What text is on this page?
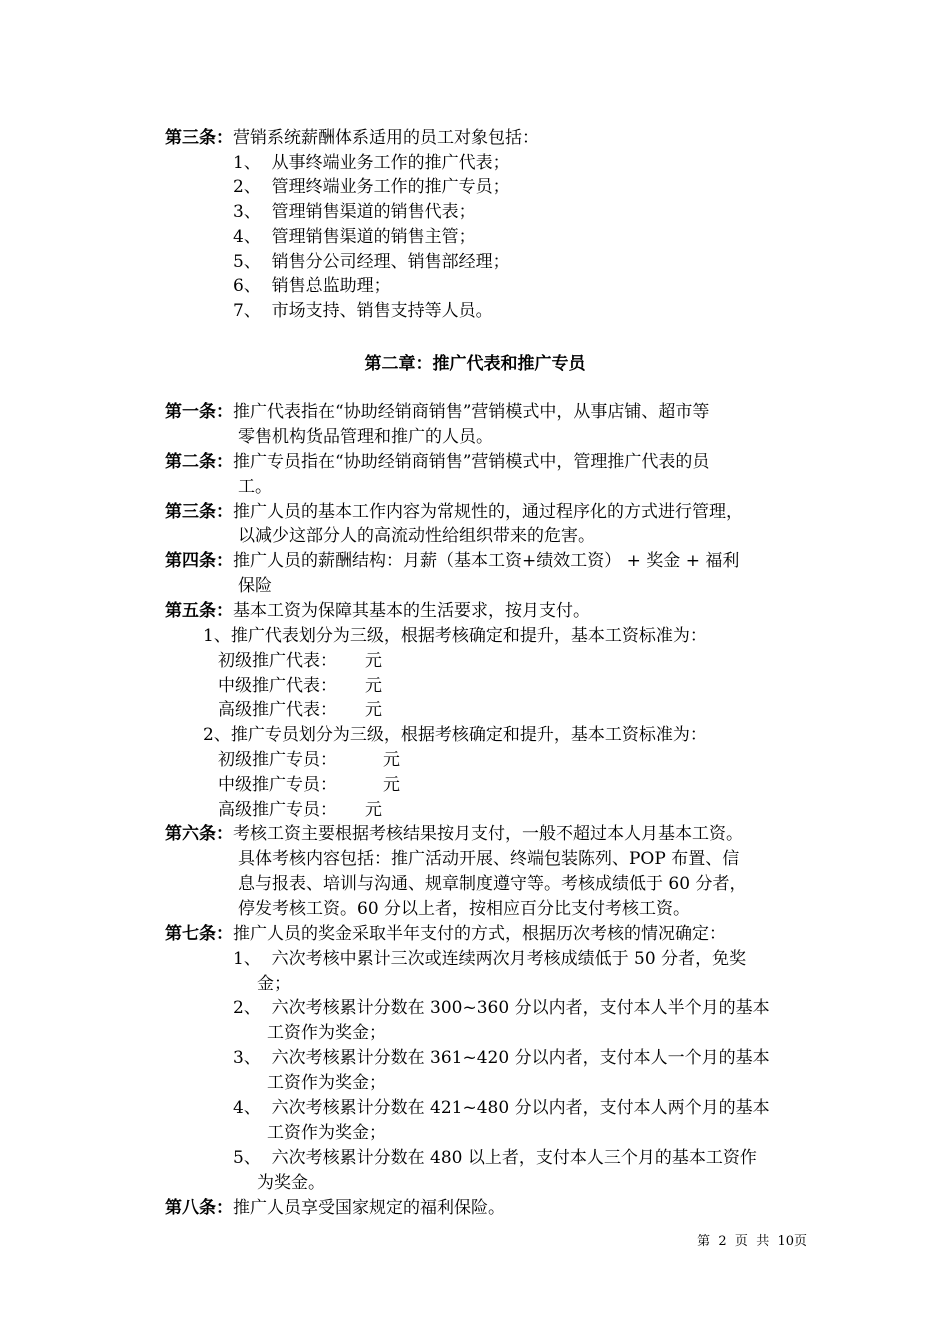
第三条：营销系统薪酬体系适用的员工对象包括：
1、 从事终端业务工作的推广代表；
2、 管理终端业务工作的推广专员；
3、 管理销售渠道的销售代表；
4、 管理销售渠道的销售主管；
5、 销售分公司经理、销售部经理；
6、 销售总监助理；
7、 市场支持、销售支持等人员。
第二章：推广代表和推广专员
第一条：推广代表指在“协助经销商销售”营销模式中，从事店铺、超市等
零售机构货品管理和推广的人员。
第二条：推广专员指在“协助经销商销售”营销模式中，管理推广代表的员
工。
第三条：推广人员的基本工作内容为常规性的，通过程序化的方式进行管理，
以减少这部分人的高流动性给组织带来的危害。
第四条：推广人员的薪酬结构：月薪（基本工资+绩效工资） + 奖金 + 福利
保险
第五条：基本工资为保障其基本的生活要求，按月支付。
1、推广代表划分为三级，根据考核确定和提升，基本工资标准为：
初级推广代表： 元
中级推广代表： 元
高级推广代表： 元
2、推广专员划分为三级，根据考核确定和提升，基本工资标准为：
初级推广专员：	元
中级推广专员：	元
高级推广专员： 元
第六条：考核工资主要根据考核结果按月支付，一般不超过本人月基本工资。
具体考核内容包括：推广活动开展、终端包装陈列、POP 布置、信
息与报表、培训与沟通、规章制度遵守等。考核成绩低于 60 分者，
停发考核工资。60 分以上者，按相应百分比支付考核工资。
第七条：推广人员的奖金采取半年支付的方式，根据历次考核的情况确定：
1、 六次考核中累计三次或连续两次月考核成绩低于 50 分者，免奖
金；
2、 六次考核累计分数在 300~360 分以内者，支付本人半个月的基本
工资作为奖金；
3、 六次考核累计分数在 361~420 分以内者，支付本人一个月的基本
工资作为奖金；
4、 六次考核累计分数在 421~480 分以内者，支付本人两个月的基本
工资作为奖金；
5、 六次考核累计分数在 480 以上者，支付本人三个月的基本工资作
为奖金。
第八条：推广人员享受国家规定的福利保险。
第  2  页  共  10页
